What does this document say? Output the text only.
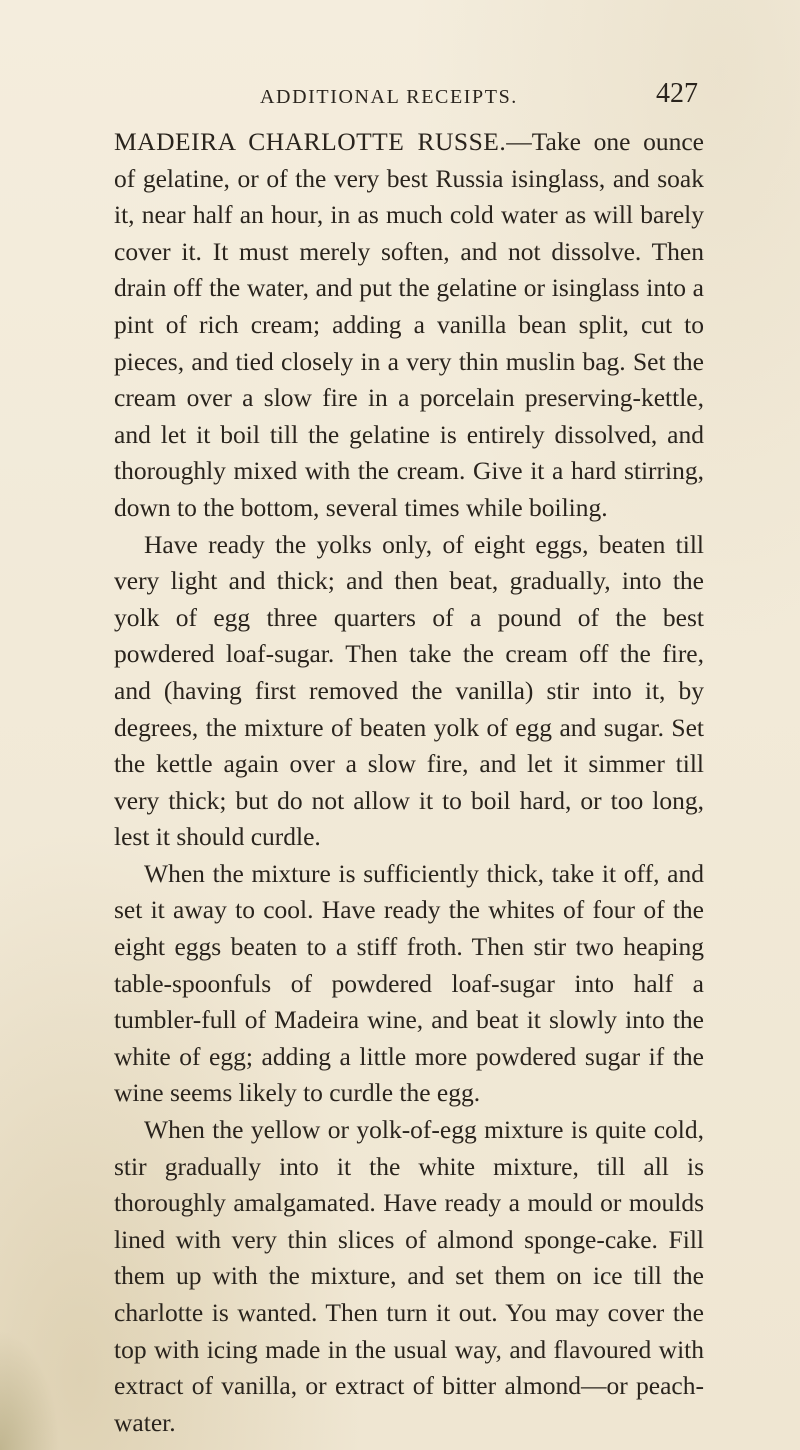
ADDITIONAL RECEIPTS.	427

MADEIRA CHARLOTTE RUSSE.—Take one ounce of gelatine, or of the very best Russia isinglass, and soak it, near half an hour, in as much cold water as will barely cover it. It must merely soften, and not dissolve. Then drain off the water, and put the gelatine or isinglass into a pint of rich cream; adding a vanilla bean split, cut to pieces, and tied closely in a very thin muslin bag. Set the cream over a slow fire in a porcelain preserving-kettle, and let it boil till the gelatine is entirely dissolved, and thoroughly mixed with the cream. Give it a hard stirring, down to the bottom, several times while boiling.

Have ready the yolks only, of eight eggs, beaten till very light and thick; and then beat, gradually, into the yolk of egg three quarters of a pound of the best powdered loaf-sugar. Then take the cream off the fire, and (having first removed the vanilla) stir into it, by degrees, the mixture of beaten yolk of egg and sugar. Set the kettle again over a slow fire, and let it simmer till very thick; but do not allow it to boil hard, or too long, lest it should curdle.

When the mixture is sufficiently thick, take it off, and set it away to cool. Have ready the whites of four of the eight eggs beaten to a stiff froth. Then stir two heaping table-spoonfuls of powdered loaf-sugar into half a tumbler-full of Madeira wine, and beat it slowly into the white of egg; adding a little more powdered sugar if the wine seems likely to curdle the egg.

When the yellow or yolk-of-egg mixture is quite cold, stir gradually into it the white mixture, till all is thoroughly amalgamated. Have ready a mould or moulds lined with very thin slices of almond sponge-cake. Fill them up with the mixture, and set them on ice till the charlotte is wanted. Then turn it out. You may cover the top with icing made in the usual way, and flavoured with extract of vanilla, or extract of bitter almond—or peach-water.
